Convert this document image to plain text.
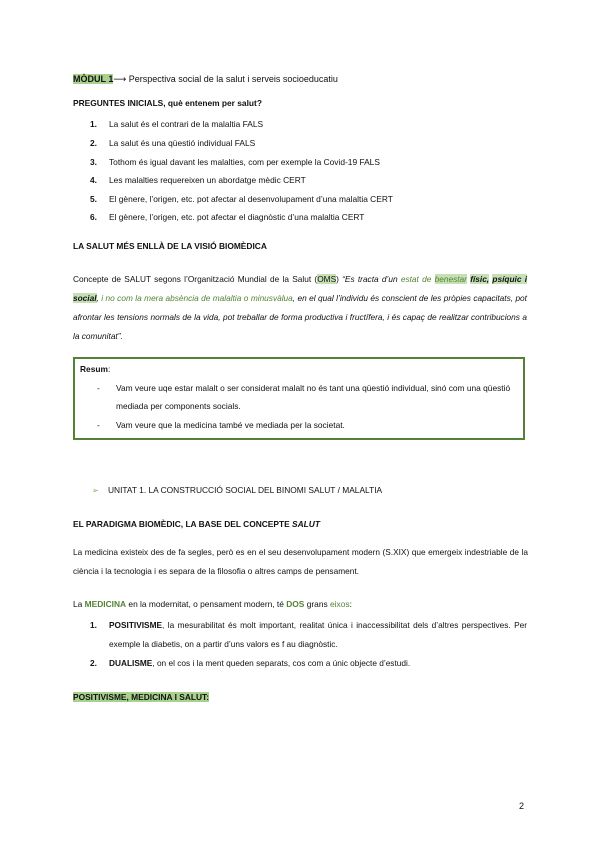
MÒDUL 1⟶ Perspectiva social de la salut i serveis socioeducatiu
PREGUNTES INICIALS, què entenem per salut?
1. La salut és el contrari de la malaltia FALS
2. La salut és una qüestió individual FALS
3. Tothom és igual davant les malalties, com per exemple la Covid-19 FALS
4. Les malalties requereixen un abordatge mèdic CERT
5. El gènere, l’origen, etc. pot afectar al desenvolupament d’una malaltia CERT
6. El gènere, l’origen, etc. pot afectar el diagnòstic d’una malaltia CERT
LA SALUT MÉS ENLLÀ DE LA VISIÓ BIOMÈDICA
Concepte de SALUT segons l’Organització Mundial de la Salut (OMS) “Es tracta d’un estat de benestar físic, psíquic i social, i no com la mera absència de malaltia o minusvàlua, en el qual l’individu és conscient de les pròpies capacitats, pot afrontar les tensions normals de la vida, pot treballar de forma productiva i fructífera, i és capaç de realitzar contribucions a la comunitat”.
Resum:
- Vam veure uqe estar malalt o ser considerat malalt no és tant una qüestió individual, sinó com una qüestió mediada per components socials.
- Vam veure que la medicina també ve mediada per la societat.
➢ UNITAT 1. LA CONSTRUCCIÓ SOCIAL DEL BINOMI SALUT / MALALTIA
EL PARADIGMA BIOMÈDIC, LA BASE DEL CONCEPTE SALUT
La medicina existeix des de fa segles, però es en el seu desenvolupament modern (S.XIX) que emergeix indestriable de la ciència i la tecnologia i es separa de la filosofia o altres camps de pensament.
La MEDICINA en la modernitat, o pensament modern, té DOS grans eixos:
1. POSITIVISME, la mesurabilitat és molt important, realitat única i inaccessibilitat dels d’altres perspectives. Per exemple la diabetis, on a partir d’uns valors es f au diagnòstic.
2. DUALISME, on el cos i la ment queden separats, cos com a únic objecte d’estudi.
POSITIVISME, MEDICINA I SALUT:
2
